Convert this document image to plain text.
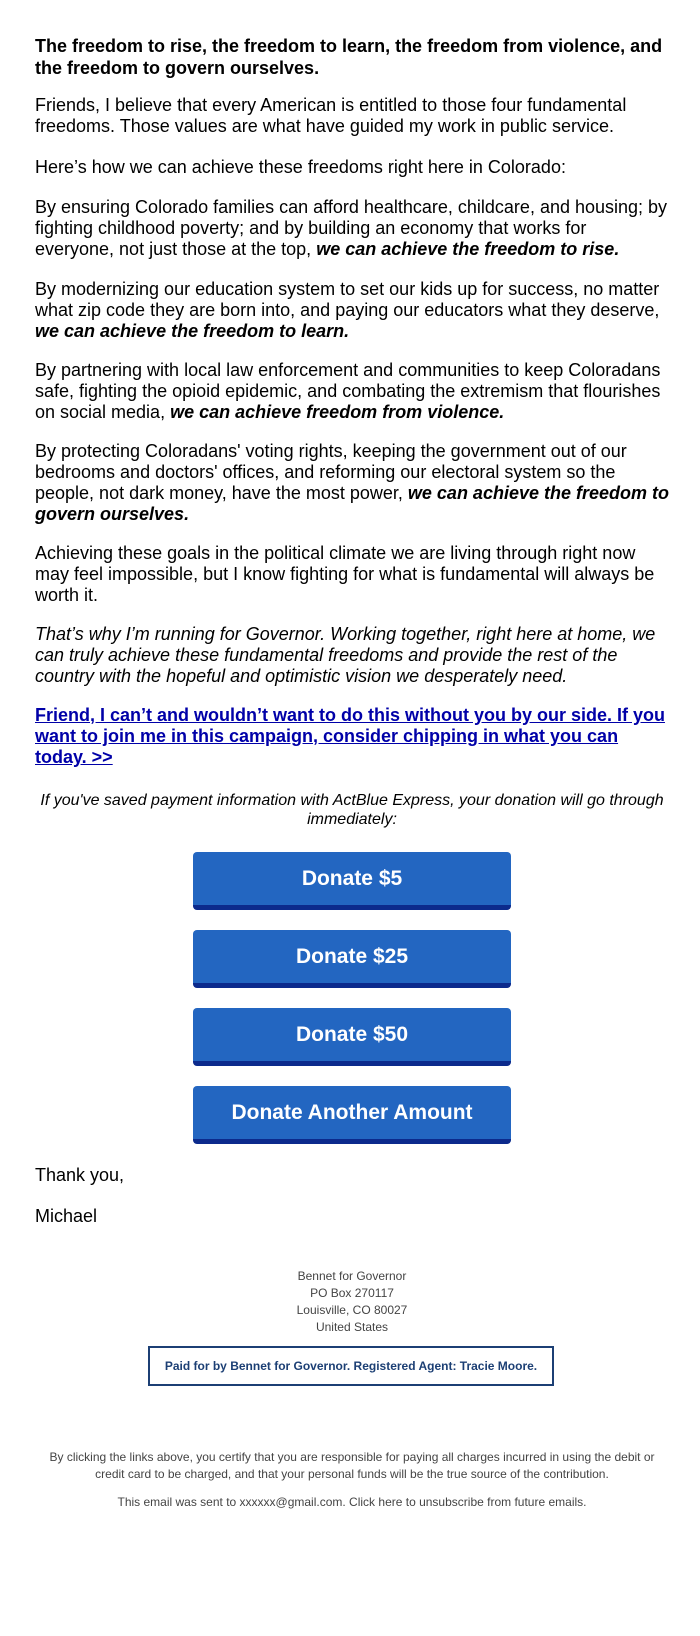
The freedom to rise, the freedom to learn, the freedom from violence, and the freedom to govern ourselves.

Friends, I believe that every American is entitled to those four fundamental freedoms. Those values are what have guided my work in public service.

Here’s how we can achieve these freedoms right here in Colorado:

By ensuring Colorado families can afford healthcare, childcare, and housing; by fighting childhood poverty; and by building an economy that works for everyone, not just those at the top, we can achieve the freedom to rise.

By modernizing our education system to set our kids up for success, no matter what zip code they are born into, and paying our educators what they deserve, we can achieve the freedom to learn.

By partnering with local law enforcement and communities to keep Coloradans safe, fighting the opioid epidemic, and combating the extremism that flourishes on social media, we can achieve freedom from violence.

By protecting Coloradans' voting rights, keeping the government out of our bedrooms and doctors' offices, and reforming our electoral system so the people, not dark money, have the most power, we can achieve the freedom to govern ourselves.

Achieving these goals in the political climate we are living through right now may feel impossible, but I know fighting for what is fundamental will always be worth it.

That’s why I’m running for Governor. Working together, right here at home, we can truly achieve these fundamental freedoms and provide the rest of the country with the hopeful and optimistic vision we desperately need.

Friend, I can’t and wouldn’t want to do this without you by our side. If you want to join me in this campaign, consider chipping in what you can today. >>

If you've saved payment information with ActBlue Express, your donation will go through immediately:

Donate $5
Donate $25
Donate $50
Donate Another Amount

Thank you,

Michael

Bennet for Governor
PO Box 270117
Louisville, CO 80027
United States
Paid for by Bennet for Governor. Registered Agent: Tracie Moore.

By clicking the links above, you certify that you are responsible for paying all charges incurred in using the debit or credit card to be charged, and that your personal funds will be the true source of the contribution.

This email was sent to xxxxxx@gmail.com. Click here to unsubscribe from future emails.
